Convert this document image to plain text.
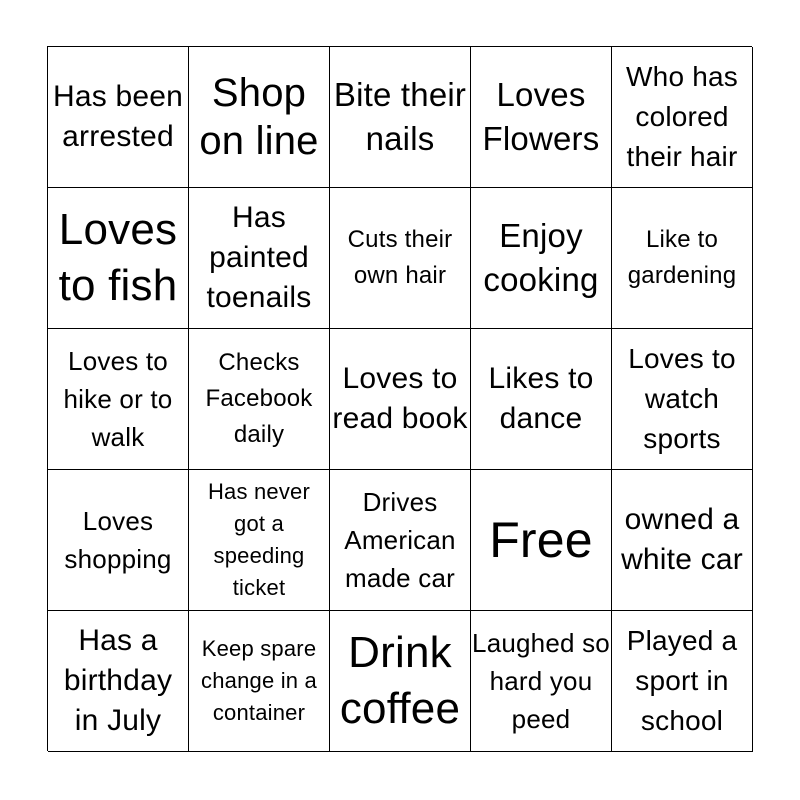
Has been arrested
Shop on line
Bite their nails
Loves Flowers
Who has colored their hair
Loves to fish
Has painted toenails
Cuts their own hair
Enjoy cooking
Like to gardening
Loves to hike or to walk
Checks Facebook daily
Loves to read book
Likes to dance
Loves to watch sports
Loves shopping
Has never got a speeding ticket
Drives American made car
Free	owned a white car
Has a birthday in July
Keep spare change in a container
Drink coffee
Laughed so hard you peed
Played a sport in school
